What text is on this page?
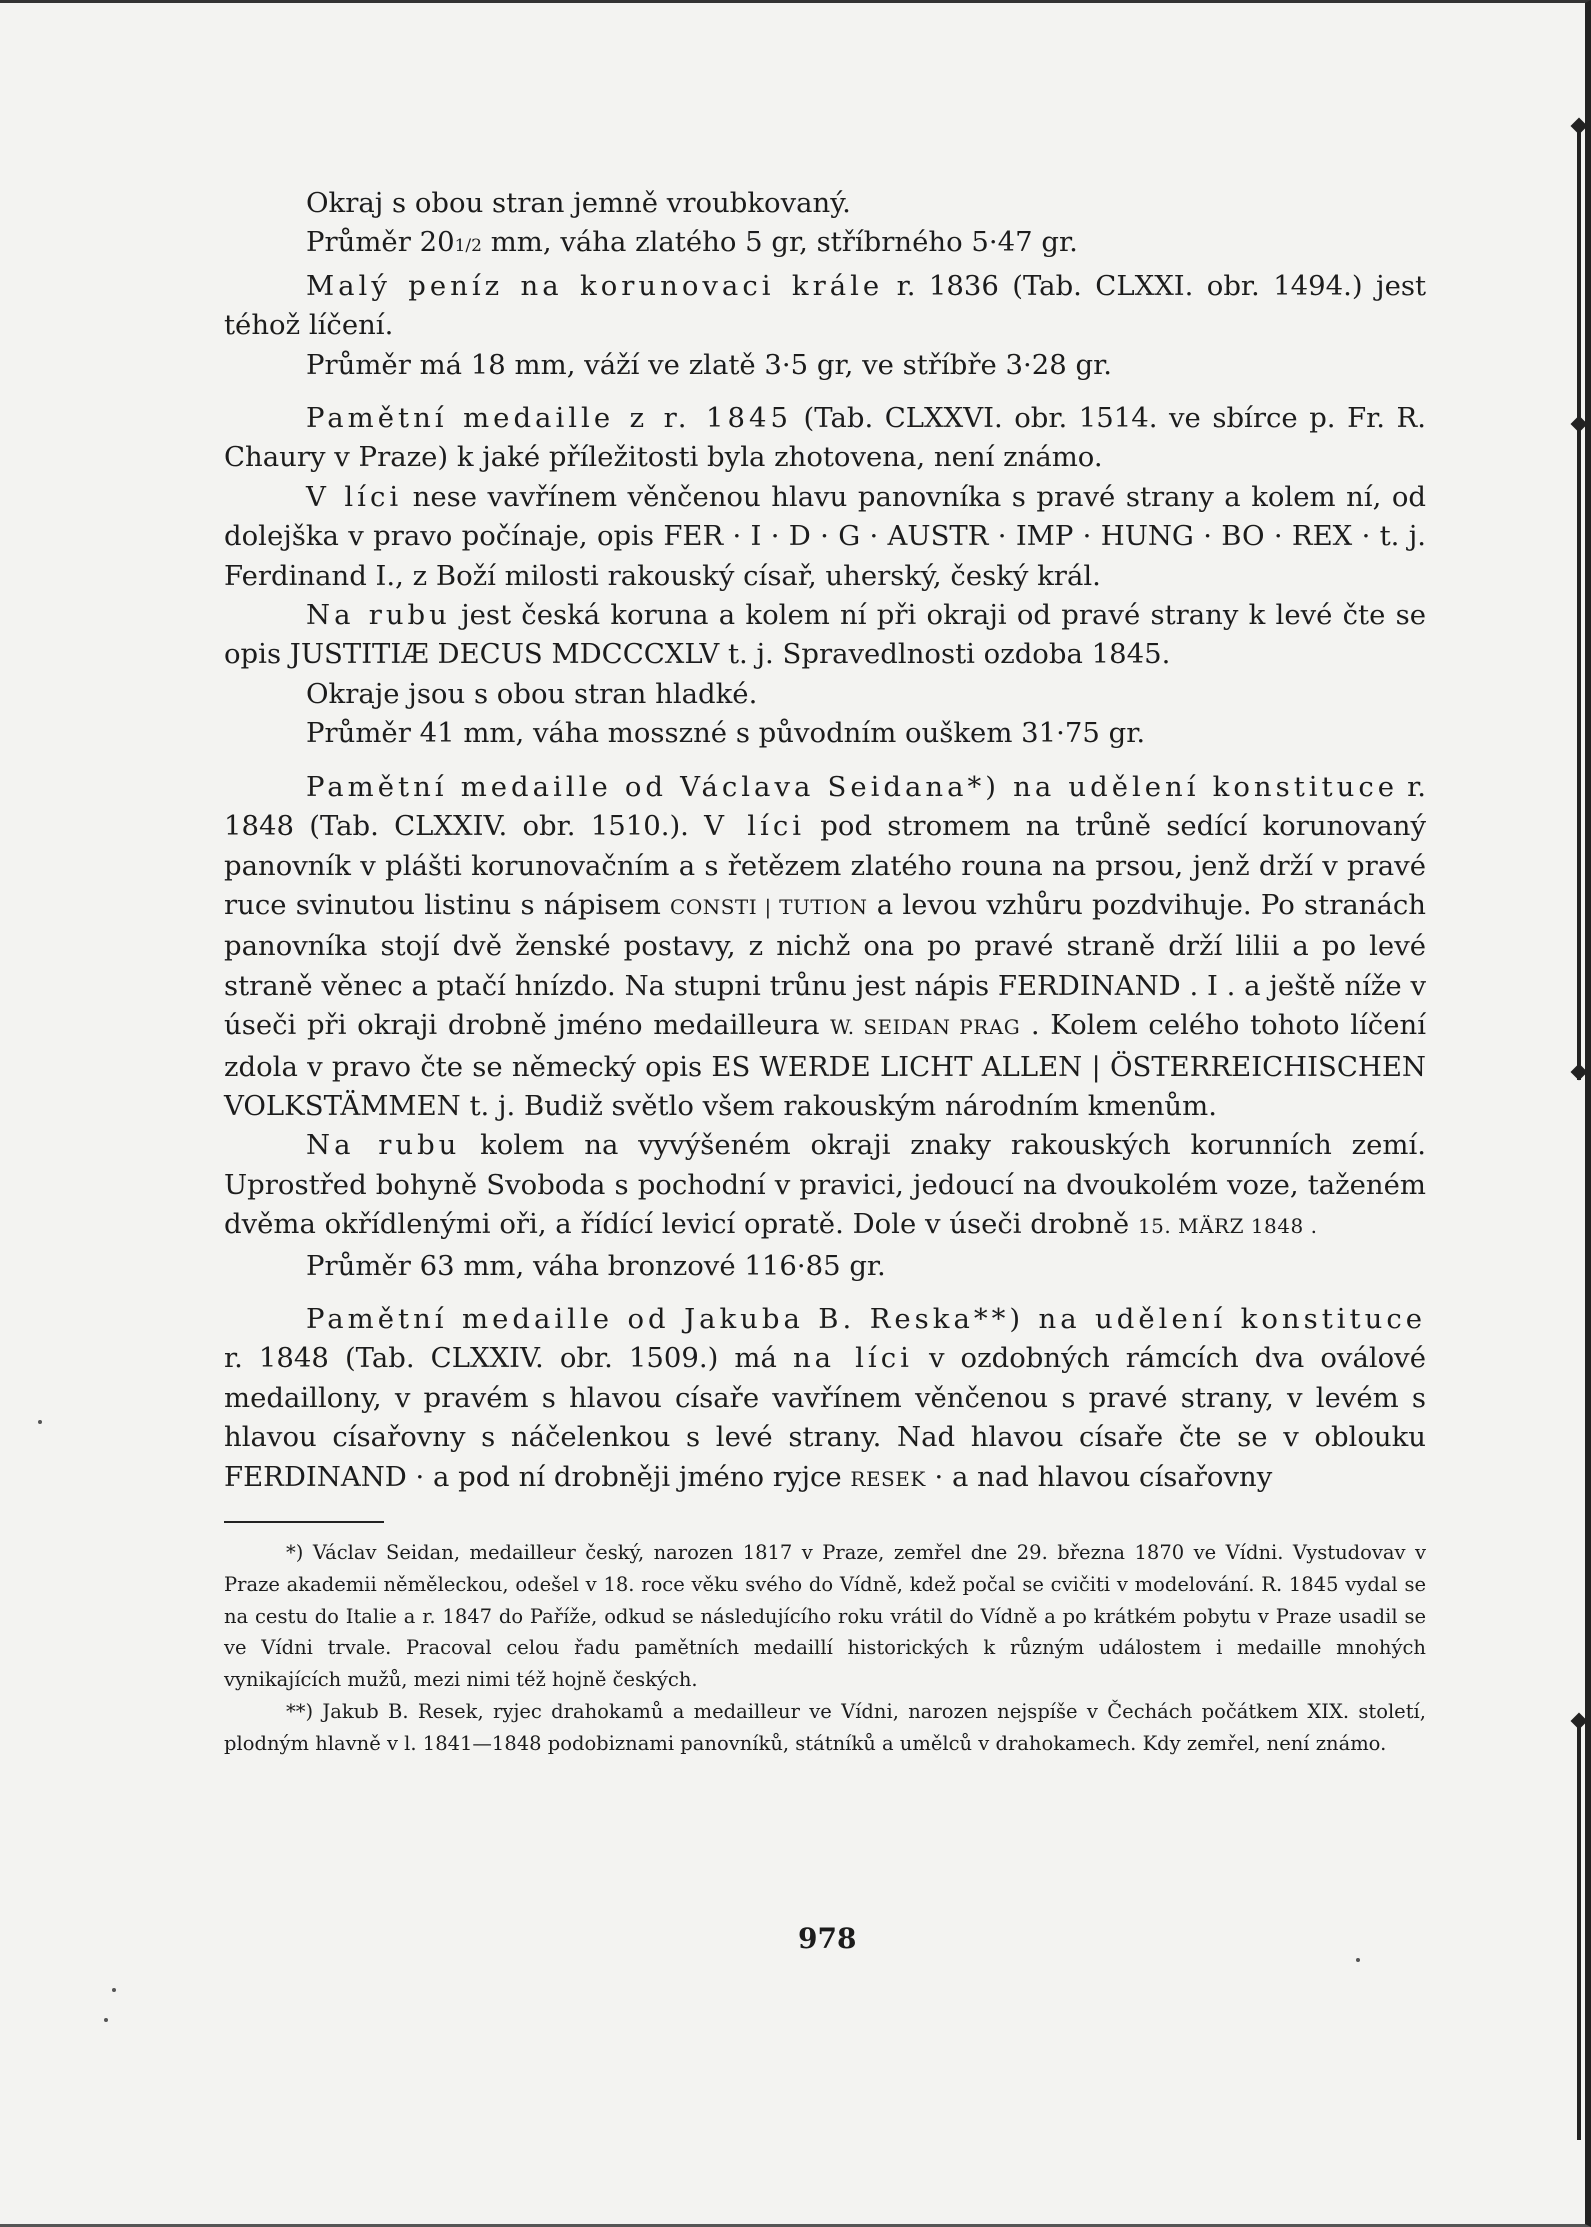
Okraj s obou stran jemně vroubkovaný.

Průměr 201/2 mm, váha zlatého 5 gr, stříbrného 5·47 gr.

Malý peníz na korunovaci krále r. 1836 (Tab. CLXXI. obr. 1494.) jest téhož líčení.

Průměr má 18 mm, váží ve zlatě 3·5 gr, ve stříbře 3·28 gr.

Pamětní medaille z r. 1845 (Tab. CLXXVI. obr. 1514. ve sbírce p. Fr. R. Chaury v Praze) k jaké příležitosti byla zhotovena, není známo.

V líci nese vavřínem věnčenou hlavu panovníka s pravé strany a kolem ní, od dolejška v pravo počínaje, opis FER · I · D · G · AUSTR · IMP · HUNG · BO · REX · t. j. Ferdinand I., z Boží milosti rakouský císař, uherský, český král.

Na rubu jest česká koruna a kolem ní při okraji od pravé strany k levé čte se opis JUSTITIÆ DECUS MDCCCXLV t. j. Spravedlnosti ozdoba 1845.

Okraje jsou s obou stran hladké.

Průměr 41 mm, váha mosszné s původním ouškem 31·75 gr.

Pamětní medaille od Václava Seidana*) na udělení konstituce r. 1848 (Tab. CLXXIV. obr. 1510.). V líci pod stromem na trůně sedící korunovaný panovník v plášti korunovačním a s řetězem zlatého rouna na prsou, jenž drží v pravé ruce svinutou listinu s nápisem CONSTI | TUTION a levou vzhůru pozdvihuje. Po stranách panovníka stojí dvě ženské postavy, z nichž ona po pravé straně drží lilii a po levé straně věnec a ptačí hnízdo. Na stupni trůnu jest nápis FERDINAND . I . a ještě níže v úseči při okraji drobně jméno medailleura W. SEIDAN PRAG . Kolem celého tohoto líčení zdola v pravo čte se německý opis ES WERDE LICHT ALLEN | ÖSTERREICHISCHEN VOLKSTÄMMEN t. j. Budiž světlo všem rakouským národním kmenům.

Na rubu kolem na vyvýšeném okraji znaky rakouských korunních zemí. Uprostřed bohyně Svoboda s pochodní v pravici, jedoucí na dvoukolém voze, taženém dvěma okřídlenými oři, a řídící levicí opratě. Dole v úseči drobně 15. MÄRZ 1848 .

Průměr 63 mm, váha bronzové 116·85 gr.

Pamětní medaille od Jakuba B. Reska**) na udělení konstituce r. 1848 (Tab. CLXXIV. obr. 1509.) má na líci v ozdobných rámcích dva oválové medaillony, v pravém s hlavou císaře vavřínem věnčenou s pravé strany, v levém s hlavou císařovny s náčelenkou s levé strany. Nad hlavou císaře čte se v oblouku FERDINAND · a pod ní drobněji jméno ryjce RESEK · a nad hlavou císařovny

*) Václav Seidan, medailleur český, narozen 1817 v Praze, zemřel dne 29. března 1870 ve Vídni. Vystudovav v Praze akademii něměleckou, odešel v 18. roce věku svého do Vídně, kdež počal se cvičiti v modelování. R. 1845 vydal se na cestu do Italie a r. 1847 do Paříže, odkud se následujícího roku vrátil do Vídně a po krátkém pobytu v Praze usadil se ve Vídni trvale. Pracoval celou řadu pamětních medaillí historických k různým událostem i medaille mnohých vynikajících mužů, mezi nimi též hojně českých.

**) Jakub B. Resek, ryjec drahokamů a medailleur ve Vídni, narozen nejspíše v Čechách počátkem XIX. století, plodným hlavně v l. 1841—1848 podobiznami panovníků, státníků a umělců v drahokamech. Kdy zemřel, není známo.

978
